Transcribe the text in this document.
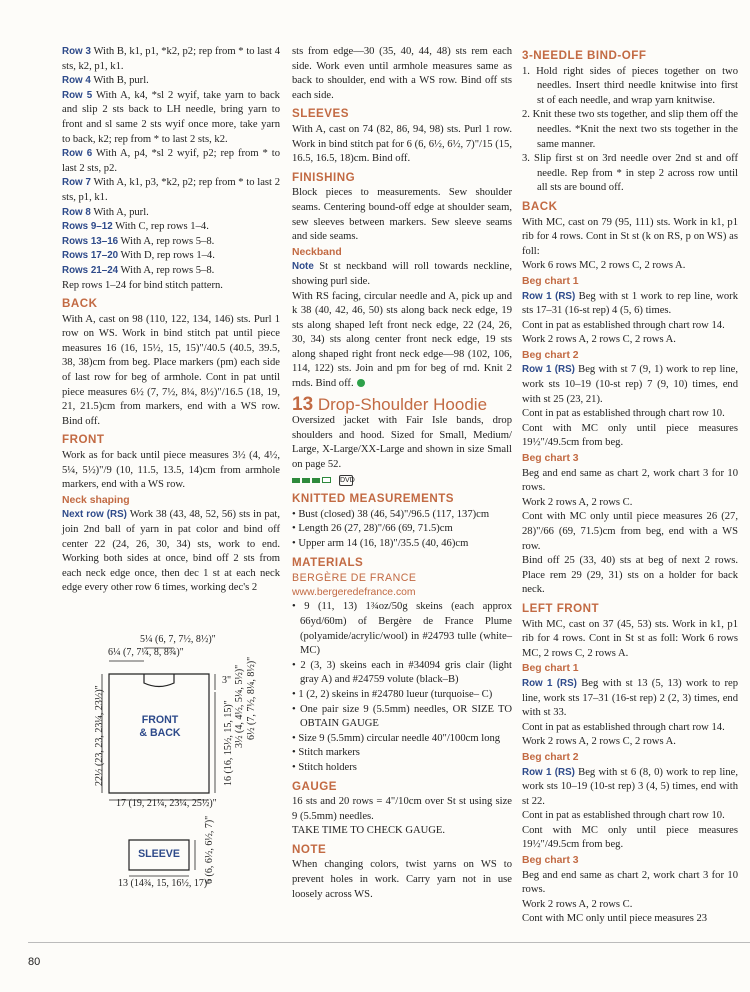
Row 3 With B, k1, p1, *k2, p2; rep from * to last 4 sts, k2, p1, k1.

Row 4 With B, purl.

Row 5 With A, k4, *sl 2 wyif, take yarn to back and slip 2 sts back to LH needle, bring yarn to front and sl same 2 sts wyif once more, take yarn to back, k2; rep from * to last 2 sts, k2.

Row 6 With A, p4, *sl 2 wyif, p2; rep from * to last 2 sts, p2.

Row 7 With A, k1, p3, *k2, p2; rep from * to last 2 sts, p1, k1.

Row 8 With A, purl.

Rows 9–12 With C, rep rows 1–4.

Rows 13–16 With A, rep rows 5–8.

Rows 17–20 With D, rep rows 1–4.

Rows 21–24 With A, rep rows 5–8.

Rep rows 1–24 for bind stitch pattern.

BACK

With A, cast on 98 (110, 122, 134, 146) sts. Purl 1 row on WS. Work in bind stitch pat until piece measures 16 (16, 15½, 15, 15)"/40.5 (40.5, 39.5, 38, 38)cm from beg. Place markers (pm) each side of last row for beg of armhole. Cont in pat until piece measures 6½ (7, 7½, 8¼, 8½)"/16.5 (18, 19, 21, 21.5)cm from markers, end with a WS row. Bind off.

FRONT

Work as for back until piece measures 3½ (4, 4½, 5¼, 5½)"/9 (10, 11.5, 13.5, 14)cm from armhole markers, end with a WS row.

Neck shaping

Next row (RS) Work 38 (43, 48, 52, 56) sts in pat, join 2nd ball of yarn in pat color and bind off center 22 (24, 26, 30, 34) sts, work to end. Working both sides at once, bind off 2 sts from each neck edge once, then dec 1 st at each neck edge every other row 6 times, working dec's 2

sts from edge—30 (35, 40, 44, 48) sts rem each side. Work even until armhole measures same as back to shoulder, end with a WS row. Bind off sts each side.

SLEEVES

With A, cast on 74 (82, 86, 94, 98) sts. Purl 1 row. Work in bind stitch pat for 6 (6, 6½, 6½, 7)"/15 (15, 16.5, 16.5, 18)cm. Bind off.

FINISHING

Block pieces to measurements. Sew shoulder seams. Centering bound-off edge at shoulder seam, sew sleeves between markers. Sew sleeve seams and side seams.

Neckband

Note St st neckband will roll towards neckline, showing purl side.

With RS facing, circular needle and A, pick up and k 38 (40, 42, 46, 50) sts along back neck edge, 19 sts along shaped left front neck edge, 22 (24, 26, 30, 34) sts along center front neck edge, 19 sts along shaped right front neck edge—98 (102, 106, 114, 122) sts. Join and pm for beg of rnd. Knit 2 rnds. Bind off.

13 Drop-Shoulder Hoodie

Oversized jacket with Fair Isle bands, drop shoulders and hood. Sized for Small, Medium/ Large, X-Large/XX-Large and shown in size Small on page 52.

DVD
KNITTED MEASUREMENTS

• Bust (closed) 38 (46, 54)"/96.5 (117, 137)cm

• Length 26 (27, 28)"/66 (69, 71.5)cm

• Upper arm 14 (16, 18)"/35.5 (40, 46)cm

MATERIALS
BERGÈRE DE FRANCE
www.bergeredefrance.com

• 9 (11, 13) 1¾oz/50g skeins (each approx 66yd/60m) of Bergère de France Plume (polyamide/acrylic/wool) in #24793 tulle (white–MC)

• 2 (3, 3) skeins each in #34094 gris clair (light gray A) and #24759 volute (black–B)

• 1 (2, 2) skeins in #24780 lueur (turquoise– C)

• One pair size 9 (5.5mm) needles, OR SIZE TO OBTAIN GAUGE

• Size 9 (5.5mm) circular needle 40"/100cm long

• Stitch markers

• Stitch holders

GAUGE

16 sts and 20 rows = 4"/10cm over St st using size 9 (5.5mm) needles.

TAKE TIME TO CHECK GAUGE.

NOTE

When changing colors, twist yarns on WS to prevent holes in work. Carry yarn not in use loosely across WS.

3-NEEDLE BIND-OFF

1. Hold right sides of pieces together on two needles. Insert third needle knitwise into first st of each needle, and wrap yarn knitwise.

2. Knit these two sts together, and slip them off the needles. *Knit the next two sts together in the same manner.

3. Slip first st on 3rd needle over 2nd st and off needle. Rep from * in step 2 across row until all sts are bound off.

BACK

With MC, cast on 79 (95, 111) sts. Work in k1, p1 rib for 4 rows. Cont in St st (k on RS, p on WS) as foll:

Work 6 rows MC, 2 rows C, 2 rows A.

Beg chart 1

Row 1 (RS) Beg with st 1 work to rep line, work sts 17–31 (16-st rep) 4 (5, 6) times.

Cont in pat as established through chart row 14.

Work 2 rows A, 2 rows C, 2 rows A.

Beg chart 2

Row 1 (RS) Beg with st 7 (9, 1) work to rep line, work sts 10–19 (10-st rep) 7 (9, 10) times, end with st 25 (23, 21).

Cont in pat as established through chart row 10.

Cont with MC only until piece measures 19½"/49.5cm from beg.

Beg chart 3

Beg and end same as chart 2, work chart 3 for 10 rows.

Work 2 rows A, 2 rows C.

Cont with MC only until piece measures 26 (27, 28)"/66 (69, 71.5)cm from beg, end with a WS row.

Bind off 25 (33, 40) sts at beg of next 2 rows. Place rem 29 (29, 31) sts on a holder for back neck.

LEFT FRONT

With MC, cast on 37 (45, 53) sts. Work in k1, p1 rib for 4 rows. Cont in St st as foll: Work 6 rows MC, 2 rows C, 2 rows A.

Beg chart 1

Row 1 (RS) Beg with st 13 (5, 13) work to rep line, work sts 17–31 (16-st rep) 2 (2, 3) times, end with st 33.

Cont in pat as established through chart row 14.

Work 2 rows A, 2 rows C, 2 rows A.

Beg chart 2

Row 1 (RS) Beg with st 6 (8, 0) work to rep line, work sts 10–19 (10-st rep) 3 (4, 5) times, end with st 22.

Cont in pat as established through chart row 10.

Cont with MC only until piece measures 19½"/49.5cm from beg.

Beg chart 3

Beg and end same as chart 2, work chart 3 for 10 rows.

Work 2 rows A, 2 rows C.

Cont with MC only until piece measures 23

5¼ (6, 7, 7½, 8½)"
6¼ (7, 7¼, 8, 8¾)"
3" 6½ (7, 7½, 8¼, 8½)"
3½ (4, 4½, 5¼, 5½)"
16 (16, 15½, 15, 15)"
22½ (23, 23, 23¼, 23½)"
17 (19, 21¼, 23¼, 25½)"
FRONT
& BACK
SLEEVE	6 (6, 6½, 6½, 7)"
13 (14¾, 15, 16½, 17)"
80
